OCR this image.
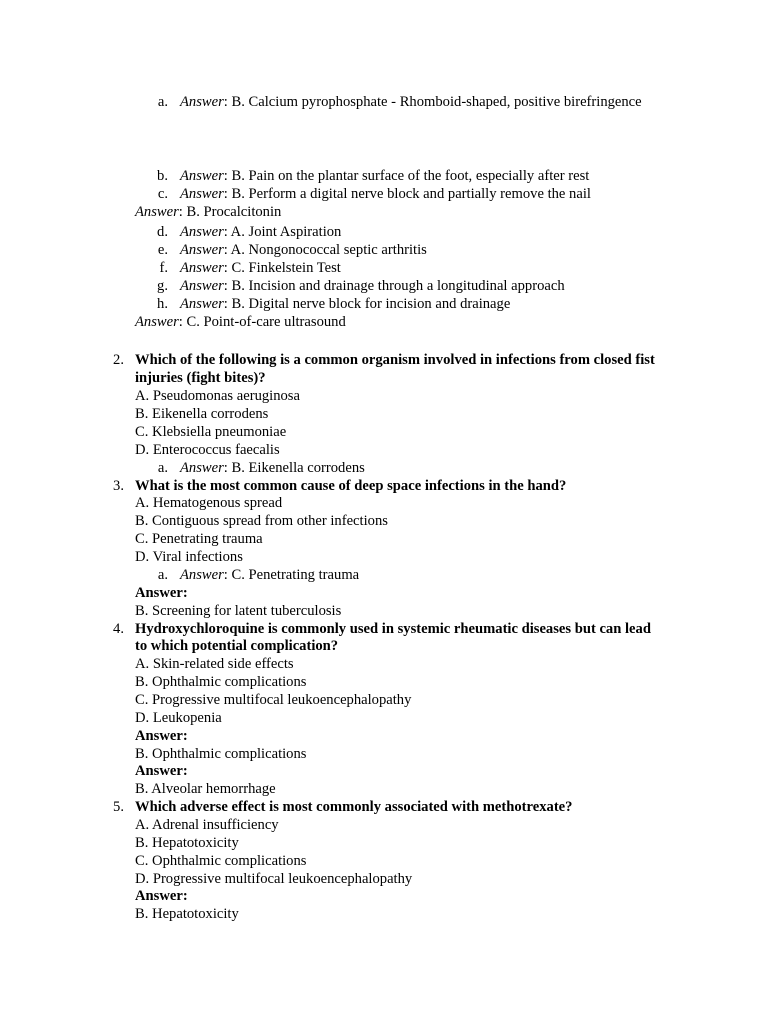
a. Answer: B. Calcium pyrophosphate - Rhomboid-shaped, positive birefringence
b. Answer: B. Pain on the plantar surface of the foot, especially after rest
c. Answer: B. Perform a digital nerve block and partially remove the nail
Answer: B. Procalcitonin
d. Answer: A. Joint Aspiration
e. Answer: A. Nongonococcal septic arthritis
f. Answer: C. Finkelstein Test
g. Answer: B. Incision and drainage through a longitudinal approach
h. Answer: B. Digital nerve block for incision and drainage
Answer: C. Point-of-care ultrasound
2. Which of the following is a common organism involved in infections from closed fist
injuries (fight bites)?
A. Pseudomonas aeruginosa
B. Eikenella corrodens
C. Klebsiella pneumoniae
D. Enterococcus faecalis
a. Answer: B. Eikenella corrodens
3. What is the most common cause of deep space infections in the hand?
A. Hematogenous spread
B. Contiguous spread from other infections
C. Penetrating trauma
D. Viral infections
a. Answer: C. Penetrating trauma
Answer:
B. Screening for latent tuberculosis
4. Hydroxychloroquine is commonly used in systemic rheumatic diseases but can lead
to which potential complication?
A. Skin-related side effects
B. Ophthalmic complications
C. Progressive multifocal leukoencephalopathy
D. Leukopenia
Answer:
B. Ophthalmic complications
Answer:
B. Alveolar hemorrhage
5. Which adverse effect is most commonly associated with methotrexate?
A. Adrenal insufficiency
B. Hepatotoxicity
C. Ophthalmic complications
D. Progressive multifocal leukoencephalopathy
Answer:
B. Hepatotoxicity
